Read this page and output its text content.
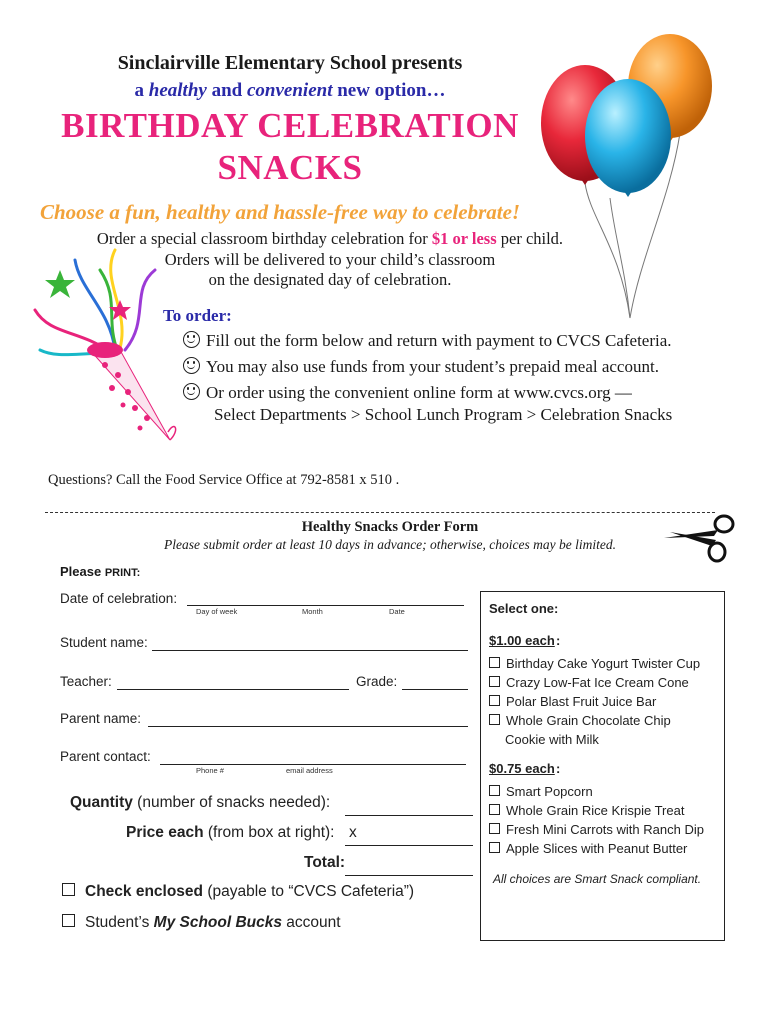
Sinclairville Elementary School presents
a healthy and convenient new option…
BIRTHDAY CELEBRATION
SNACKS
Choose a fun, healthy and hassle-free way to celebrate!
Order a special classroom birthday celebration for $1 or less per child.
Orders will be delivered to your child’s classroom
on the designated day of celebration.
To order:
Fill out the form below and return with payment to CVCS Cafeteria.
You may also use funds from your student’s prepaid meal account.
Or order using the convenient online form at www.cvcs.org —
Select Departments > School Lunch Program > Celebration Snacks
Questions? Call the Food Service Office at 792-8581 x 510 .
Healthy Snacks Order Form
Please submit order at least 10 days in advance; otherwise, choices may be limited.
Please PRINT:
Date of celebration:
Day of week	Month	Date
Student name:
Teacher:	Grade:
Parent name:
Parent contact:
Phone #	email address
Quantity (number of snacks needed):
Price each (from box at right): x
Total:
Check enclosed (payable to “CVCS Cafeteria”)
Student’s My School Bucks account
Select one:
$1.00 each :
Birthday Cake Yogurt Twister Cup
Crazy Low-Fat Ice Cream Cone
Polar Blast Fruit Juice Bar
Whole Grain Chocolate Chip
Cookie with Milk
$0.75 each :
Smart Popcorn
Whole Grain Rice Krispie Treat
Fresh Mini Carrots with Ranch Dip
Apple Slices with Peanut Butter
All choices are Smart Snack compliant.
